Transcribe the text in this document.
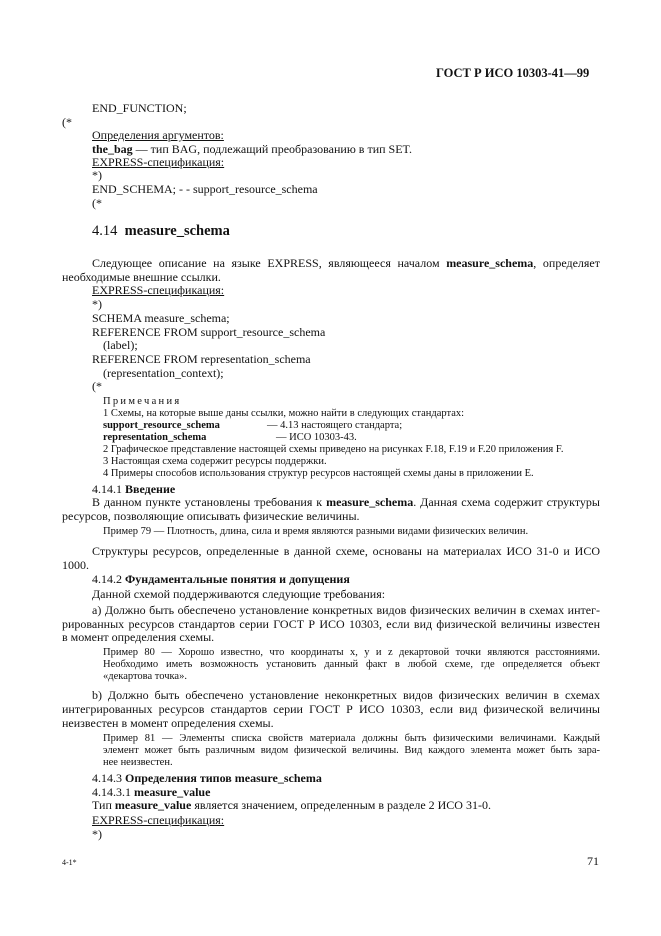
ГОСТ Р ИСО 10303-41—99
END_FUNCTION;
(*
Определения аргументов:
the_bag — тип BAG, подлежащий преобразованию в тип SET.
EXPRESS-спецификация:
*)
END_SCHEMA; - - support_resource_schema
(*
4.14 measure_schema
Следующее описание на языке EXPRESS, являющееся началом measure_schema, определяет
необходимые внешние ссылки.
EXPRESS-спецификация:
*)
SCHEMA measure_schema;
REFERENCE FROM support_resource_schema
(label);
REFERENCE FROM representation_schema
(representation_context);
(*
Примечания
1 Схемы, на которые выше даны ссылки, можно найти в следующих стандартах:
support_resource_schema	— 4.13 настоящего стандарта;
representation_schema	— ИСО 10303-43.
2 Графическое представление настоящей схемы приведено на рисунках F.18, F.19 и F.20 приложения F.
3 Настоящая схема содержит ресурсы поддержки.
4 Примеры способов использования структур ресурсов настоящей схемы даны в приложении E.
4.14.1 Введение
В данном пункте установлены требования к measure_schema. Данная схема содержит структуры
ресурсов, позволяющие описывать физические величины.
Пример 79 — Плотность, длина, сила и время являются разными видами физических величин.
Структуры ресурсов, определенные в данной схеме, основаны на материалах ИСО 31-0 и ИСО
1000.
4.14.2 Фундаментальные понятия и допущения
Данной схемой поддерживаются следующие требования:
а) Должно быть обеспечено установление конкретных видов физических величин в схемах интег-
рированных ресурсов стандартов серии ГОСТ Р ИСО 10303, если вид физической величины известен
в момент определения схемы.
Пример 80 — Хорошо известно, что координаты x, y и z декартовой точки являются расстояниями.
Необходимо иметь возможность установить данный факт в любой схеме, где определяется объект
«декартова точка».
b) Должно быть обеспечено установление неконкретных видов физических величин в схемах
интегрированных ресурсов стандартов серии ГОСТ Р ИСО 10303, если вид физической величины
неизвестен в момент определения схемы.
Пример 81 — Элементы списка свойств материала должны быть физическими величинами. Каждый
элемент может быть различным видом физической величины. Вид каждого элемента может быть зара-
нее неизвестен.
4.14.3 Определения типов measure_schema
4.14.3.1 measure_value
Тип measure_value является значением, определенным в разделе 2 ИСО 31-0.
EXPRESS-спецификация:
*)
4-1*	71
